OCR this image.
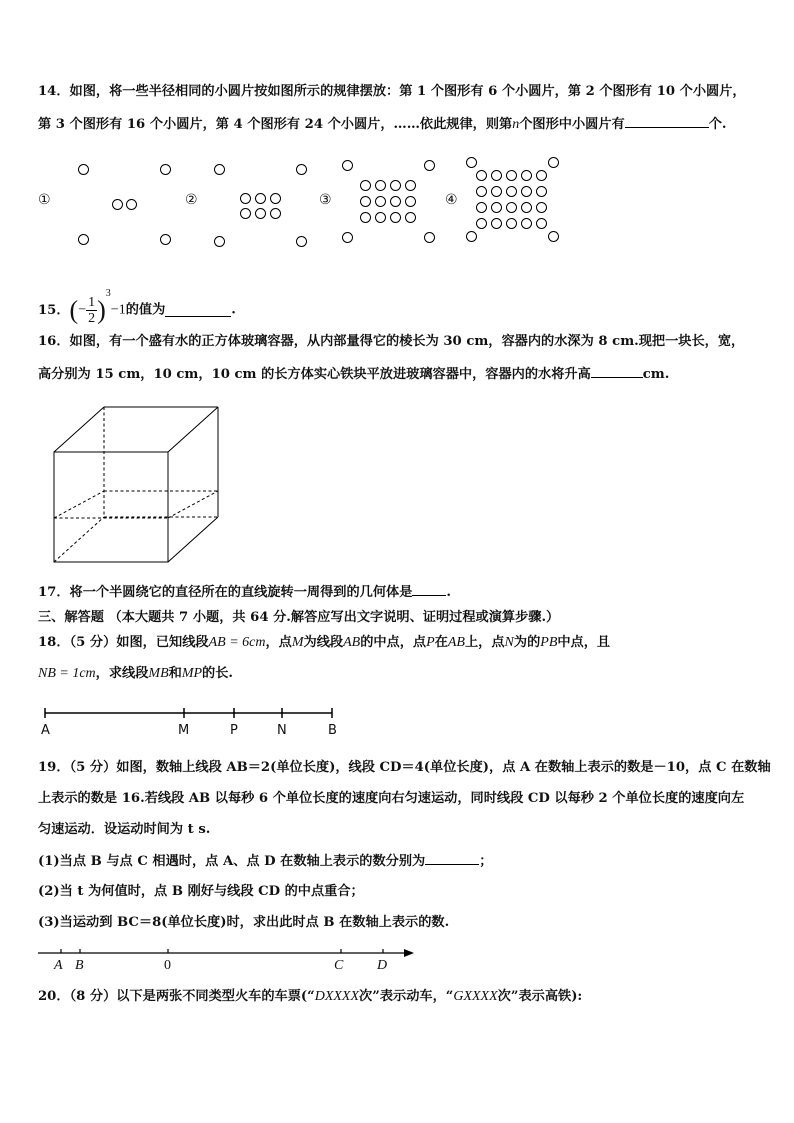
14．如图，将一些半径相同的小圆片按如图所示的规律摆放：第 1 个图形有 6 个小圆片，第 2 个图形有 10 个小圆片，
第 3 个图形有 16 个小圆片，第 4 个图形有 24 个小圆片，……依此规律，则第n个图形中小圆片有	个.
①	②	③	④
15．(− $\frac{1}{2} )^3-1$的值为	.
16．如图，有一个盛有水的正方体玻璃容器，从内部量得它的棱长为 30 cm，容器内的水深为 8 cm.现把一块长，宽，
高分别为 15 cm，10 cm，10 cm 的长方体实心铁块平放进玻璃容器中，容器内的水将升高	cm.
17．将一个半圆绕它的直径所在的直线旋转一周得到的几何体是	.
三、解答题 （本大题共 7 小题，共 64 分.解答应写出文字说明、证明过程或演算步骤.）
18．（5 分）如图，已知线段AB = 6cm，点M为线段AB的中点，点P在AB上，点N为的PB中点，且
NB = 1cm，求线段MB和MP的长.
A	M	P	N	B
19．（5 分）如图，数轴上线段 AB＝2(单位长度)，线段 CD＝4(单位长度)，点 A 在数轴上表示的数是－10，点 C 在数轴
上表示的数是 16.若线段 AB 以每秒 6 个单位长度的速度向右匀速运动，同时线段 CD 以每秒 2 个单位长度的速度向左
匀速运动．设运动时间为 t s.
(1)当点 B 与点 C 相遇时，点 A、点 D 在数轴上表示的数分别为	；
(2)当 t 为何值时，点 B 刚好与线段 CD 的中点重合；
(3)当运动到 BC＝8(单位长度)时，求出此时点 B 在数轴上表示的数.
A B	0	C D
20．（8 分）以下是两张不同类型火车的车票(“DXXXX次”表示动车，“GXXXX次”表示高铁):
